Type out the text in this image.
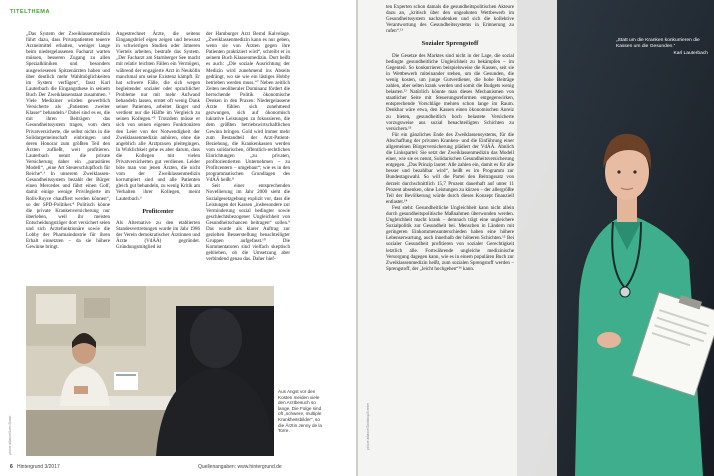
TITELTHEMA

„Das System der Zweiklassenmedizin führt dazu, dass Privatpatienten teuerre Arzneimittel erhalten, weniger lange beim niedergelassenen Facharzt warten müssen, besseren Zugang zu allen Spezialkliniken und besonders ausgewiesenen Spitzenärzten haben und über deutlich mehr Wahlmöglichkeiten im System verfügen“, fasst Karl Lauterbach die Eingangsthese in seinem Buch Der Zweiklassenstaat zusammen. ¹ Viele Mediziner würden gewerblich Versicherte als „Patienten zweiter Klasse“ behandeln.² Dabei sind es es, die mit ihren Beiträgen das Gesundheitssystem tragen, vom dem Privatversicherte, die selbst nichts in die Solidargemeinschaft einbringen und deren Honorar zum größten Teil den Ärzten zufließt, weit profitieren. Lauterbach nennt die private Versicherung daher ein „parasitäres Modell“, „eine Art Steuerschlupfloch für Reiche“.³ In unserem Zweiklassen-Gesundheitssystem bezahlt der Bürger einen Mercedes und fährt einen Golf, damit einige wenige Privilegierte im Rolls-Royce chauffiert werden können“, so der SPD-Politiker.⁴ Politisch könne die private Krankenversicherung nur überleben, weil ihr meisten Entscheidungsträger dort versichert seien und sich Ärztefunktionäre sowie die Lobby der Pharmaindustrie für ihren Erhalt einsetzten – da sie höhere Gewinne bringt.

Angestrechnet Ärzte, die seitens Eingangsbrief eigen zeigen und bewusst in schwierigen Studien oder ärmeren Viertels arbeiten, bestrafe das System. „Der Facharzt am Starnberger See macht mit relativ leichten Fällen ein Vermögen, während der engagierte Arzt in Neukölln manchmal um seine Existenz kämpft. Er hat schwere Fälle, die sich wegen begleitender sozialer oder sprachlicher Probleme nur mit mehr Aufwand behandeln lassen, erntet oft wenig Dank seiner Patienten, arbeitet länger und verdient nur die Hälfte im Vergleich zu seinen Kollegen.“⁵ Trotzdem müsse er sich von seinen eigenen Funktionären den Leier von der Notwendigkeit der Zweiklassenmedizin anhören, ohne die angeblich alle Arztpraxen pleitegingen. In Wirklichkeit gehe es aber darum, dass die Kollegen mit vielen Privatversicherten gut verdienen. Leider böte man von jenen Ärzten, die nicht vom der Zweiklassenmedizin korrumpiert sind und alle Patienten gleich gut behandeln, zu wenig Kritik am Verhalten ihrer Kollegen, meint Lauterbach.⁶

Profitcenter

Als Alternative zu den etablierten Standesvertretungen wurde im Jahr 1986 der Verein demokratischer Ärztinnen und Ärzte (VdÄÄ) gegründet. Gründungsmitglied ist

der Hamburger Arzt Bernd Kalvelage. „Zweiklassenmedizin kann es nur geben, wenn sie von Ärzten gegen ihre Patienten praktiziert wird“, schreibt er in seinem Buch Klassenmedizin. Dort heißt es auch: „Die soziale Ausrichtung der Medizin wird zunehmend ins Abseits gedrängt, wo sie wie ein lästiges Hobby betrieben werden muss.“⁷ Neben zeitlich Zeiten neoliberaler Dominanz fördert die herrschende Politik ökonomische Denken in den Praxen: Niedergelassene Ärzte fühlen sich zunehmend gezwungen, sich auf ökonomisch lukrative Leistungen zu fokussieren, die dem größten betriebswirtschaftlichen Gewinn bringen. Gold wird immer mehr zum Bestandteil der Arzt-Patient-Beziehung, die Krankenkassen werden vom solidarischen, öffentlich-rechtlichen Einrichtungen „zu privaten, profitorientierten Unternehmen – zu Profitcentern – umgebaut“; wie es in den programmatischen Grundlagen des VdÄÄ heißt.⁸

Seit einer entsprechenden Novellierung im Jahr 2000 sieht die Sozialgesetzgebung explizit vor, dass die Leistungen der Kassen „insbesondere zur Verminderung sozial bedingter sowie geschlechtsbezogener Ungleichheit von Gesundheitschancen beitragen“ sollen.⁹ Das wurde als klarer Auftrag zur gezielten Besserstellung benachteiligter Gruppen aufgefasst.¹⁰ Die Kommentatoren sind vielfach skeptisch geblieben, ob die Umsetzung aber verbindend genau das. Daher hief-

picture alliance/Sven Simon
Aus Angst vor den Kosten meiden viele den Arztbesuch so lange. Die Folge sind oft „schwere, multiple Krankheitsbilder“, so die Ärztin Jenny de la Torre.
6 Hintergrund 3/2017	Quellenangaben: www.hintergrund.de

ten Experten schon damals die gesundheitspolitischen Akteure dazu an, „kritisch über den ungeahnten Wettbewerb im Gesundheitssystem nachzudenken und sich die kollektive Verantwortung des Gesundheitssystems in Erinnerung zu rufen“.¹¹

Sozialer Sprengstoff

Die Gesetze des Marktes sind nicht in der Lage, die sozial bedingte gesundheitliche Ungleichheit zu bekämpfen – im Gegenteil. So konkurrieren beispielsweise die Kassen, seit sie in Wettbewerb miteinander stehen, um die Gesunden, die wenig kosten, um junge Gutverdiener, die hohe Beiträge zahlen, aber selten krank werden und somit die Budgets wenig belasten.¹² Natürlich könnte man dieses Mechanismen von staatlicher Seite mit Steuerungsreformen entgegenwirken, entsprechende Vorschläge mehren schon lange im Raum. Denkbar wäre etwa, den Kassen einen ökonomischen Anreiz zu bieten, gesundheitlich hoch belastete Versicherte vorzugsweise aus sozial benachteiligten Schichten zu versichern.¹³

Für ein gänzliches Ende des Zweiklassensystems, für die Abschaffung der privaten Kranken- und die Einführung einer allgemeinen Bürgerversicherung plädiert der VdÄÄ. Ähnlich die Linkspartei: Sie setzt der Zweiklassenmedizin das Modell einer, wie sie es nennt, Solidarischen Gesundheitsversicherung entgegen. „Das Prinzip lautet: Alle zahlen ein, damit es für alle besser und bezahlbar wird“, heißt es im Programm zur Bundestagswahl. So will die Partei den Beitragssatz von derzeit durchschnittlich 15,7 Prozent dauerhaft auf unter 11 Prozent absenken, ohne Leistungen zu kürzen – der allergrößte Teil der Bevölkerung würde durch dieses Konzept finanziell entlastet.¹⁴

Fest steht: Gesundheitliche Ungleichheit kann nicht allein durch gesundheitspolitische Maßnahmen überwunden werden. Ungleichheit macht krank – demnach trägt eine ungleichere Sozialpolitik zur Gesundheit bei. Menschen in Ländern mit geringeren Einkommensunterschieden haben eine höhere Lebenserwartung, auch innerhalb der höheren Schichten.¹⁵ Bei sozialer Gesundheit profitieren von sozialer Gerechtigkeit letztlich alle. Fortwährende ungleiche medizinische Versorgung dagegen kann, wie es in einem populären Buch zur Zweiklassenmedizin heißt, zum sozialen Sprengstoff werden – Sprengstoff, der „leicht hochgehen“¹⁶ kann.

picture alliance/Shotshop/Jcenter

„Statt um die Kranken konkurrieren die Kassen um die Gesunden.“
Karl Lauterbach
